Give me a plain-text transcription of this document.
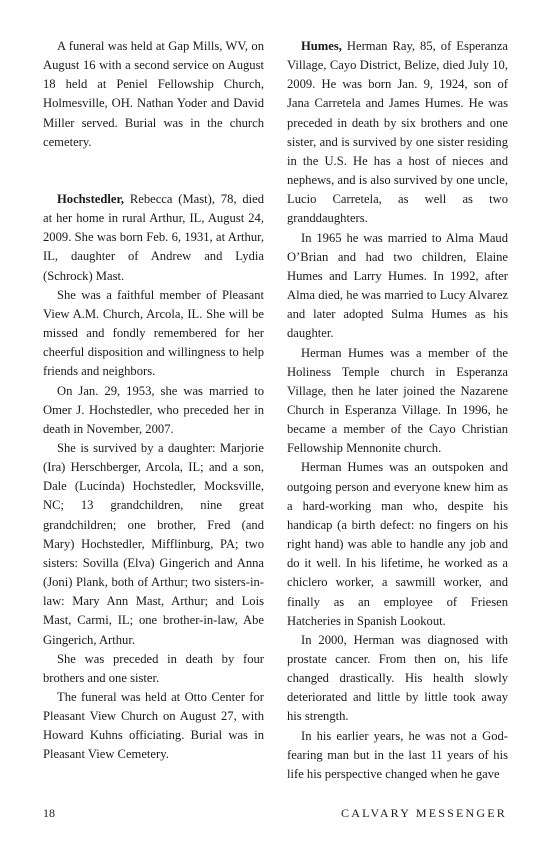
A funeral was held at Gap Mills, WV, on August 16 with a second service on August 18 held at Peniel Fellowship Church, Holmesville, OH. Nathan Yoder and David Miller served. Burial was in the church cemetery.

Hochstedler, Rebecca (Mast), 78, died at her home in rural Arthur, IL, August 24, 2009. She was born Feb. 6, 1931, at Arthur, IL, daughter of Andrew and Lydia (Schrock) Mast.

She was a faithful member of Pleasant View A.M. Church, Arcola, IL. She will be missed and fondly remembered for her cheerful disposition and willingness to help friends and neighbors.

On Jan. 29, 1953, she was married to Omer J. Hochstedler, who preceded her in death in November, 2007.

She is survived by a daughter: Marjorie (Ira) Herschberger, Arcola, IL; and a son, Dale (Lucinda) Hochstedler, Mocksville, NC; 13 grandchildren, nine great grandchildren; one brother, Fred (and Mary) Hochstedler, Mifflinburg, PA; two sisters: Sovilla (Elva) Gingerich and Anna (Joni) Plank, both of Arthur; two sisters-in-law: Mary Ann Mast, Arthur; and Lois Mast, Carmi, IL; one brother-in-law, Abe Gingerich, Arthur.

She was preceded in death by four brothers and one sister.

The funeral was held at Otto Center for Pleasant View Church on August 27, with Howard Kuhns officiating. Burial was in Pleasant View Cemetery.

Humes, Herman Ray, 85, of Esperanza Village, Cayo District, Belize, died July 10, 2009. He was born Jan. 9, 1924, son of Jana Carretela and James Humes. He was preceded in death by six brothers and one sister, and is survived by one sister residing in the U.S. He has a host of nieces and nephews, and is also survived by one uncle, Lucio Carretela, as well as two granddaughters.

In 1965 he was married to Alma Maud O’Brian and had two children, Elaine Humes and Larry Humes. In 1992, after Alma died, he was married to Lucy Alvarez and later adopted Sulma Humes as his daughter.

Herman Humes was a member of the Holiness Temple church in Esperanza Village, then he later joined the Nazarene Church in Esperanza Village. In 1996, he became a member of the Cayo Christian Fellowship Mennonite church.

Herman Humes was an outspoken and outgoing person and everyone knew him as a hard-working man who, despite his handicap (a birth defect: no fingers on his right hand) was able to handle any job and do it well. In his lifetime, he worked as a chiclero worker, a sawmill worker, and finally as an employee of Friesen Hatcheries in Spanish Lookout.

In 2000, Herman was diagnosed with prostate cancer. From then on, his life changed drastically. His health slowly deteriorated and little by little took away his strength.

In his earlier years, he was not a God-fearing man but in the last 11 years of his life his perspective changed when he gave

18	CALVARY MESSENGER
